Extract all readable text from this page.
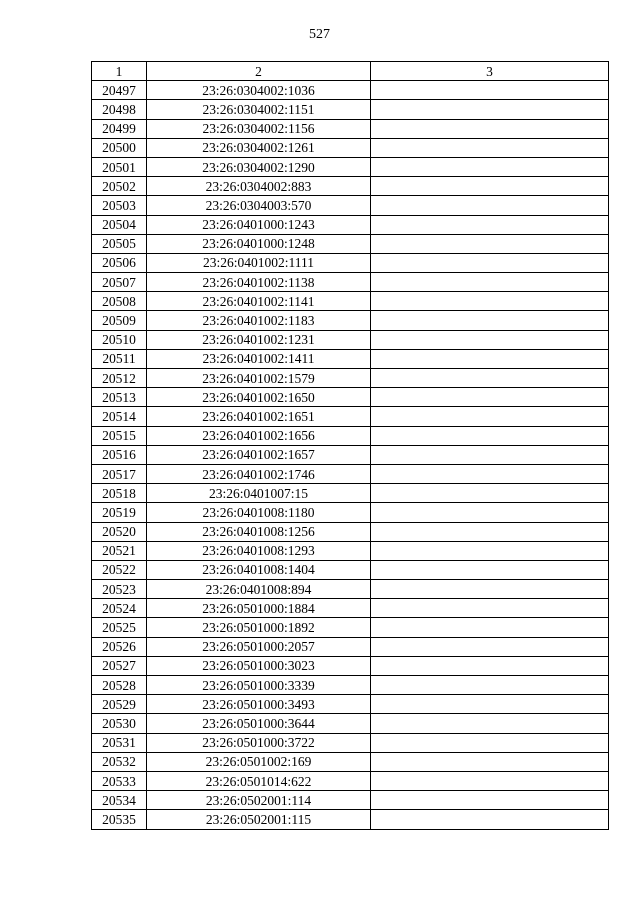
527
1	2	3
20497	23:26:0304002:1036	
20498	23:26:0304002:1151	
20499	23:26:0304002:1156	
20500	23:26:0304002:1261	
20501	23:26:0304002:1290	
20502	23:26:0304002:883	
20503	23:26:0304003:570	
20504	23:26:0401000:1243	
20505	23:26:0401000:1248	
20506	23:26:0401002:1111	
20507	23:26:0401002:1138	
20508	23:26:0401002:1141	
20509	23:26:0401002:1183	
20510	23:26:0401002:1231	
20511	23:26:0401002:1411	
20512	23:26:0401002:1579	
20513	23:26:0401002:1650	
20514	23:26:0401002:1651	
20515	23:26:0401002:1656	
20516	23:26:0401002:1657	
20517	23:26:0401002:1746	
20518	23:26:0401007:15	
20519	23:26:0401008:1180	
20520	23:26:0401008:1256	
20521	23:26:0401008:1293	
20522	23:26:0401008:1404	
20523	23:26:0401008:894	
20524	23:26:0501000:1884	
20525	23:26:0501000:1892	
20526	23:26:0501000:2057	
20527	23:26:0501000:3023	
20528	23:26:0501000:3339	
20529	23:26:0501000:3493	
20530	23:26:0501000:3644	
20531	23:26:0501000:3722	
20532	23:26:0501002:169	
20533	23:26:0501014:622	
20534	23:26:0502001:114	
20535	23:26:0502001:115	
